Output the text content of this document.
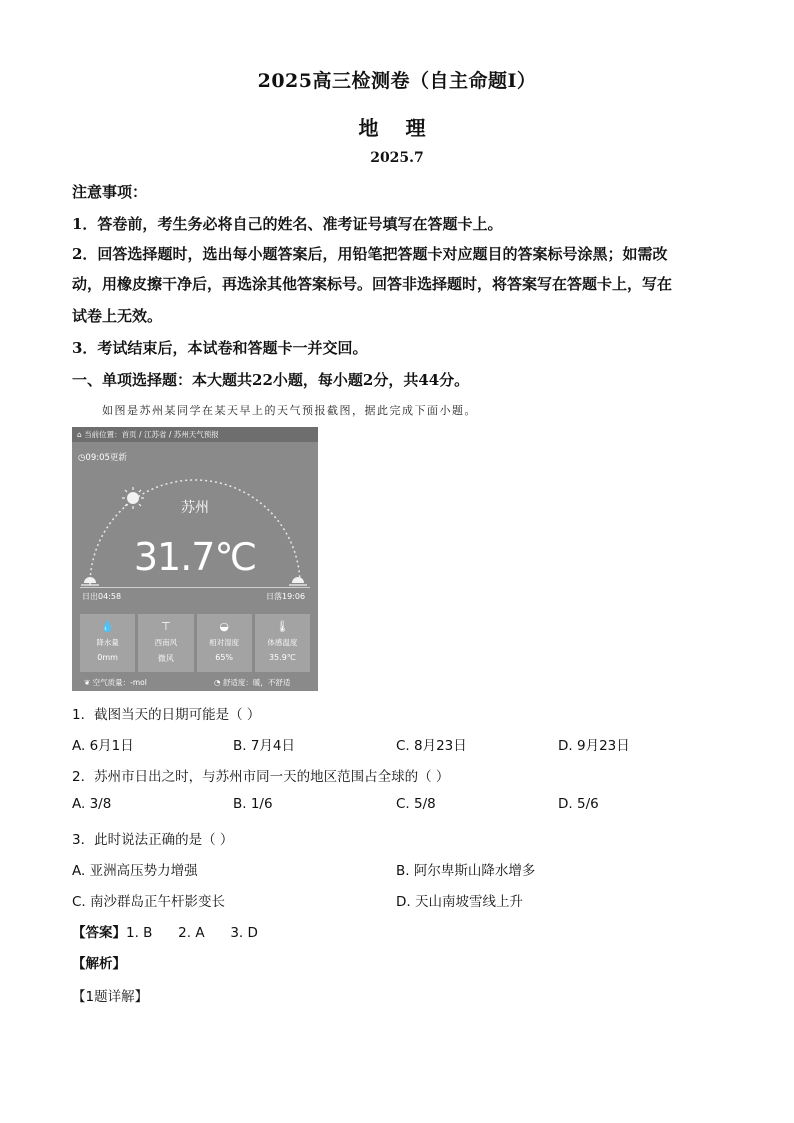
2025高三检测卷（自主命题Ⅰ）
地 理
2025.7
注意事项：
1．答卷前，考生务必将自己的姓名、准考证号填写在答题卡上。
2．回答选择题时，选出每小题答案后，用铅笔把答题卡对应题目的答案标号涂黑；如需改
动，用橡皮擦干净后，再选涂其他答案标号。回答非选择题时，将答案写在答题卡上，写在
试卷上无效。
3．考试结束后，本试卷和答题卡一并交回。
一、单项选择题：本大题共22小题，每小题2分，共44分。
如图是苏州某同学在某天早上的天气预报截图，据此完成下面小题。
⌂ 当前位置：首页 / 江苏省 / 苏州天气预报
◷09:05更新
苏州
31.7℃
日出04:58	日落19:06
💧
降水量
0mm
⊤
西南风
微风
◒
相对湿度
65%
🌡
体感温度
35.9℃
❦ 空气质量：-mol	◔ 舒适度：暖，不舒适
1．截图当天的日期可能是（ ）
A. 6月1日	B. 7月4日	C. 8月23日	D. 9月23日
2．苏州市日出之时，与苏州市同一天的地区范围占全球的（ ）
A. 3/8	B. 1/6	C. 5/8	D. 5/6
3．此时说法正确的是（ ）
A. 亚洲高压势力增强	B. 阿尔卑斯山降水增多
C. 南沙群岛正午杆影变长	D. 天山南坡雪线上升
【答案】1. B      2. A      3. D
【解析】
【1题详解】
